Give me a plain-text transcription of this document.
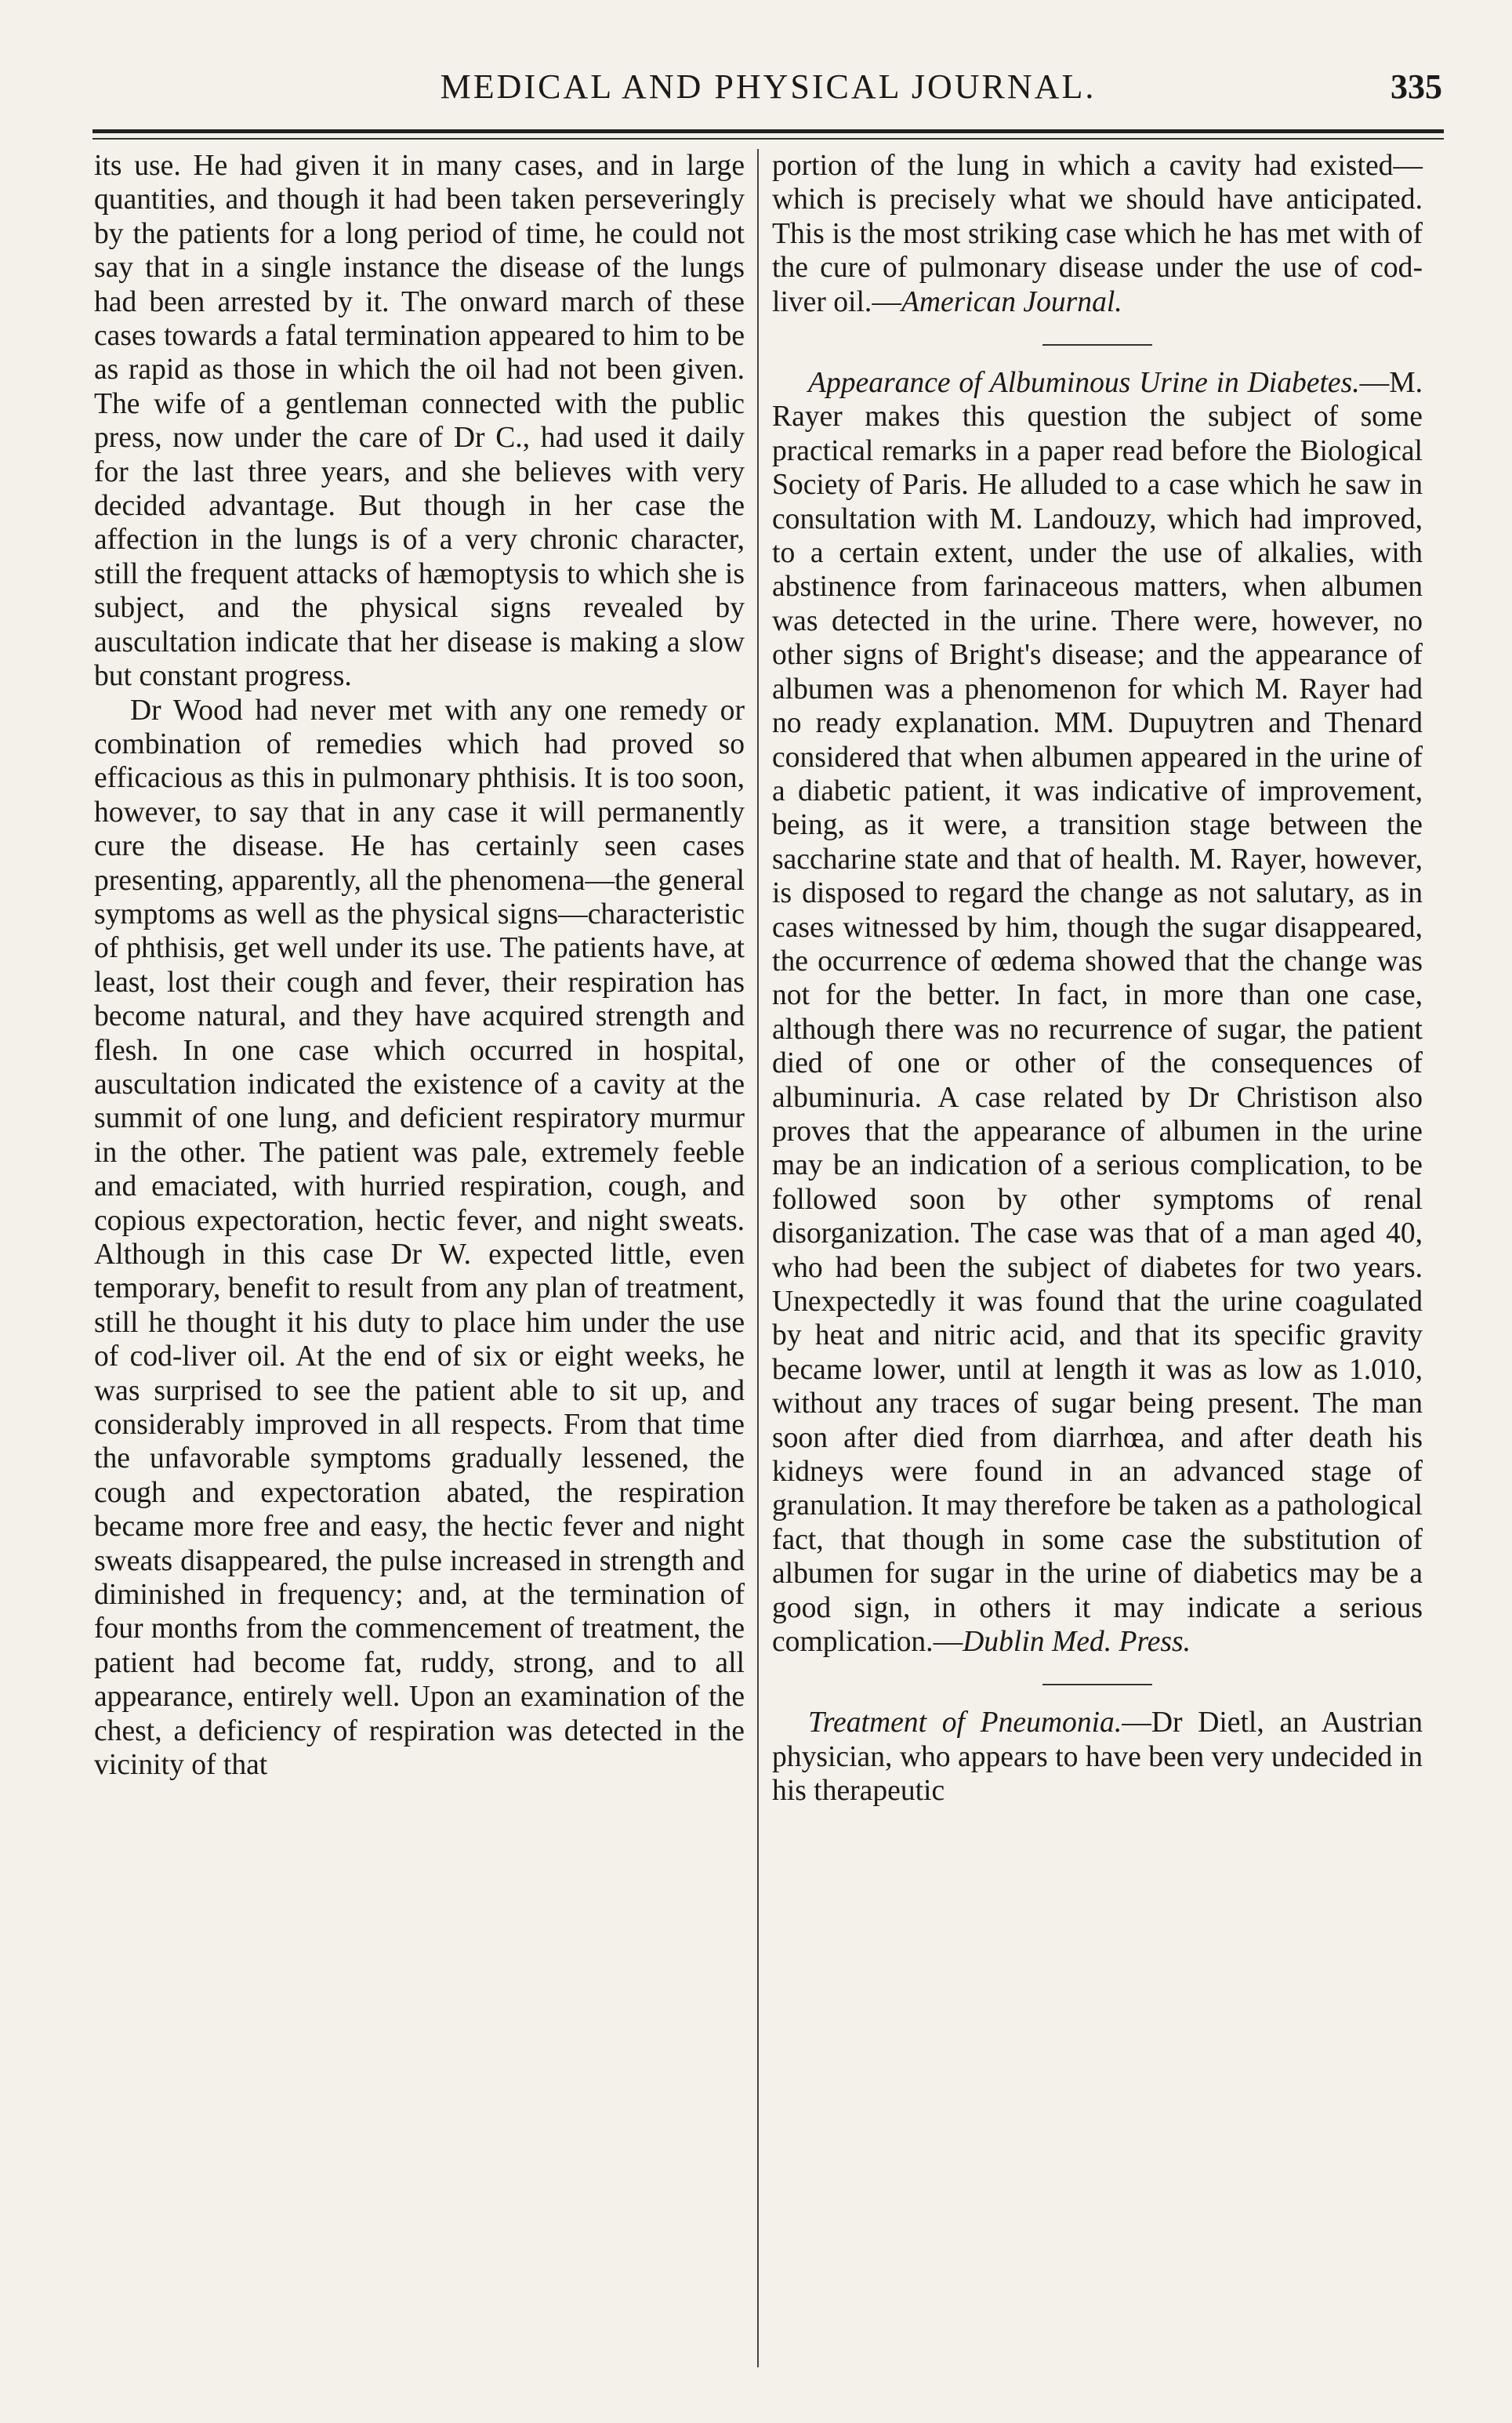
MEDICAL AND PHYSICAL JOURNAL.	335

its use. He had given it in many cases, and in large quantities, and though it had been taken perseveringly by the patients for a long period of time, he could not say that in a single instance the disease of the lungs had been arrested by it. The onward march of these cases towards a fatal termination appeared to him to be as rapid as those in which the oil had not been given. The wife of a gentleman connected with the public press, now under the care of Dr C., had used it daily for the last three years, and she believes with very decided advantage. But though in her case the affection in the lungs is of a very chronic character, still the frequent attacks of hæmoptysis to which she is subject, and the physical signs revealed by auscultation indicate that her disease is making a slow but constant progress.

Dr Wood had never met with any one remedy or combination of remedies which had proved so efficacious as this in pulmonary phthisis. It is too soon, however, to say that in any case it will permanently cure the disease. He has certainly seen cases presenting, apparently, all the phenomena—the general symptoms as well as the physical signs—characteristic of phthisis, get well under its use. The patients have, at least, lost their cough and fever, their respiration has become natural, and they have acquired strength and flesh. In one case which occurred in hospital, auscultation indicated the existence of a cavity at the summit of one lung, and deficient respiratory murmur in the other. The patient was pale, extremely feeble and emaciated, with hurried respiration, cough, and copious expectoration, hectic fever, and night sweats. Although in this case Dr W. expected little, even temporary, benefit to result from any plan of treatment, still he thought it his duty to place him under the use of cod-liver oil. At the end of six or eight weeks, he was surprised to see the patient able to sit up, and considerably improved in all respects. From that time the unfavorable symptoms gradually lessened, the cough and expectoration abated, the respiration became more free and easy, the hectic fever and night sweats disappeared, the pulse increased in strength and diminished in frequency; and, at the termination of four months from the commencement of treatment, the patient had become fat, ruddy, strong, and to all appearance, entirely well. Upon an examination of the chest, a deficiency of respiration was detected in the vicinity of that

portion of the lung in which a cavity had existed—which is precisely what we should have anticipated. This is the most striking case which he has met with of the cure of pulmonary disease under the use of cod-liver oil.—American Journal.

Appearance of Albuminous Urine in Diabetes.—M. Rayer makes this question the subject of some practical remarks in a paper read before the Biological Society of Paris. He alluded to a case which he saw in consultation with M. Landouzy, which had improved, to a certain extent, under the use of alkalies, with abstinence from farinaceous matters, when albumen was detected in the urine. There were, however, no other signs of Bright's disease; and the appearance of albumen was a phenomenon for which M. Rayer had no ready explanation. MM. Dupuytren and Thenard considered that when albumen appeared in the urine of a diabetic patient, it was indicative of improvement, being, as it were, a transition stage between the saccharine state and that of health. M. Rayer, however, is disposed to regard the change as not salutary, as in cases witnessed by him, though the sugar disappeared, the occurrence of œdema showed that the change was not for the better. In fact, in more than one case, although there was no recurrence of sugar, the patient died of one or other of the consequences of albuminuria. A case related by Dr Christison also proves that the appearance of albumen in the urine may be an indication of a serious complication, to be followed soon by other symptoms of renal disorganization. The case was that of a man aged 40, who had been the subject of diabetes for two years. Unexpectedly it was found that the urine coagulated by heat and nitric acid, and that its specific gravity became lower, until at length it was as low as 1.010, without any traces of sugar being present. The man soon after died from diarrhœa, and after death his kidneys were found in an advanced stage of granulation. It may therefore be taken as a pathological fact, that though in some case the substitution of albumen for sugar in the urine of diabetics may be a good sign, in others it may indicate a serious complication.—Dublin Med. Press.

Treatment of Pneumonia.—Dr Dietl, an Austrian physician, who appears to have been very undecided in his therapeutic
